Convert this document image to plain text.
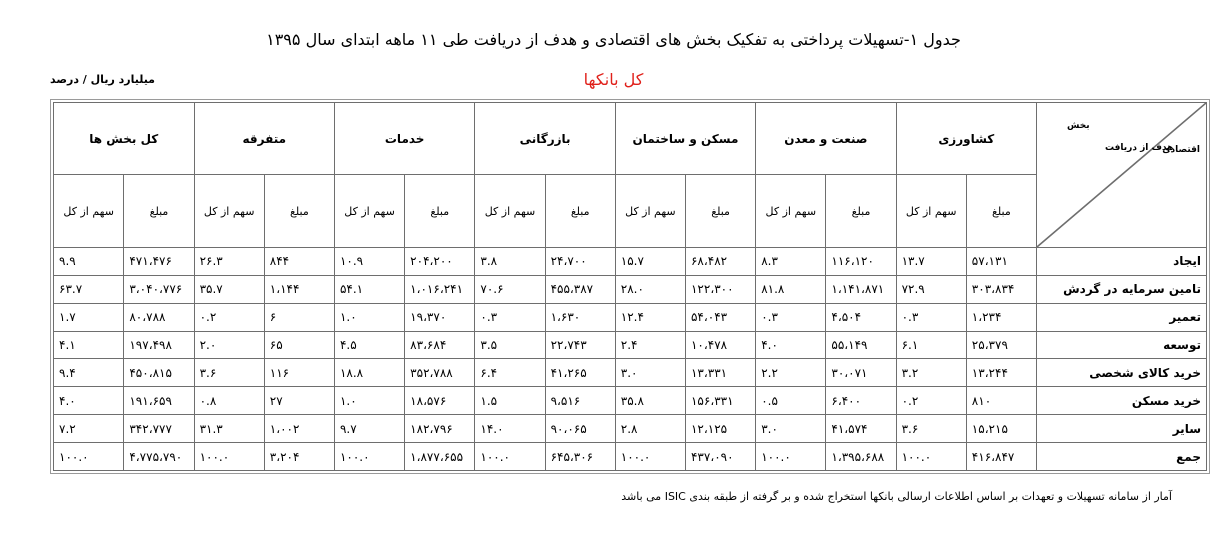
جدول ۱-تسهیلات پرداختی به تفکیک بخش های اقتصادی و هدف از دریافت طی ۱۱ ماهه ابتدای سال ۱۳۹۵
کل بانکها
میلیارد ریال / درصد
بخش
هدف از دریافت
اقتصادی	کشاورزی		صنعت و معدن		مسکن و ساختمان		بازرگانی		خدمات		متفرقه		کل بخش ها	
	مبلغ	سهم از کل	مبلغ	سهم از کل	مبلغ	سهم از کل	مبلغ	سهم از کل	مبلغ	سهم از کل	مبلغ	سهم از کل	مبلغ	سهم از کل
ایجاد	۵۷،۱۳۱	۱۳.۷	۱۱۶،۱۲۰	۸.۳	۶۸،۴۸۲	۱۵.۷	۲۴،۷۰۰	۳.۸	۲۰۴،۲۰۰	۱۰.۹	۸۴۴	۲۶.۳	۴۷۱،۴۷۶	۹.۹
تامین سرمایه در گردش	۳۰۳،۸۳۴	۷۲.۹	۱،۱۴۱،۸۷۱	۸۱.۸	۱۲۲،۳۰۰	۲۸.۰	۴۵۵،۳۸۷	۷۰.۶	۱،۰۱۶،۲۴۱	۵۴.۱	۱،۱۴۴	۳۵.۷	۳،۰۴۰،۷۷۶	۶۳.۷
تعمیر	۱،۲۳۴	۰.۳	۴،۵۰۴	۰.۳	۵۴،۰۴۳	۱۲.۴	۱،۶۳۰	۰.۳	۱۹،۳۷۰	۱.۰	۶	۰.۲	۸۰،۷۸۸	۱.۷
توسعه	۲۵،۳۷۹	۶.۱	۵۵،۱۴۹	۴.۰	۱۰،۴۷۸	۲.۴	۲۲،۷۴۳	۳.۵	۸۳،۶۸۴	۴.۵	۶۵	۲.۰	۱۹۷،۴۹۸	۴.۱
خرید کالای شخصی	۱۳،۲۴۴	۳.۲	۳۰،۰۷۱	۲.۲	۱۳،۳۳۱	۳.۰	۴۱،۲۶۵	۶.۴	۳۵۲،۷۸۸	۱۸.۸	۱۱۶	۳.۶	۴۵۰،۸۱۵	۹.۴
خرید مسکن	۸۱۰	۰.۲	۶،۴۰۰	۰.۵	۱۵۶،۳۳۱	۳۵.۸	۹،۵۱۶	۱.۵	۱۸،۵۷۶	۱.۰	۲۷	۰.۸	۱۹۱،۶۵۹	۴.۰
سایر	۱۵،۲۱۵	۳.۶	۴۱،۵۷۴	۳.۰	۱۲،۱۲۵	۲.۸	۹۰،۰۶۵	۱۴.۰	۱۸۲،۷۹۶	۹.۷	۱،۰۰۲	۳۱.۳	۳۴۲،۷۷۷	۷.۲
جمع	۴۱۶،۸۴۷	۱۰۰.۰	۱،۳۹۵،۶۸۸	۱۰۰.۰	۴۳۷،۰۹۰	۱۰۰.۰	۶۴۵،۳۰۶	۱۰۰.۰	۱،۸۷۷،۶۵۵	۱۰۰.۰	۳،۲۰۴	۱۰۰.۰	۴،۷۷۵،۷۹۰	۱۰۰.۰
آمار از سامانه تسهیلات و تعهدات بر اساس اطلاعات ارسالی بانکها استخراج شده و بر گرفته از طبقه بندی ISIC می باشد
